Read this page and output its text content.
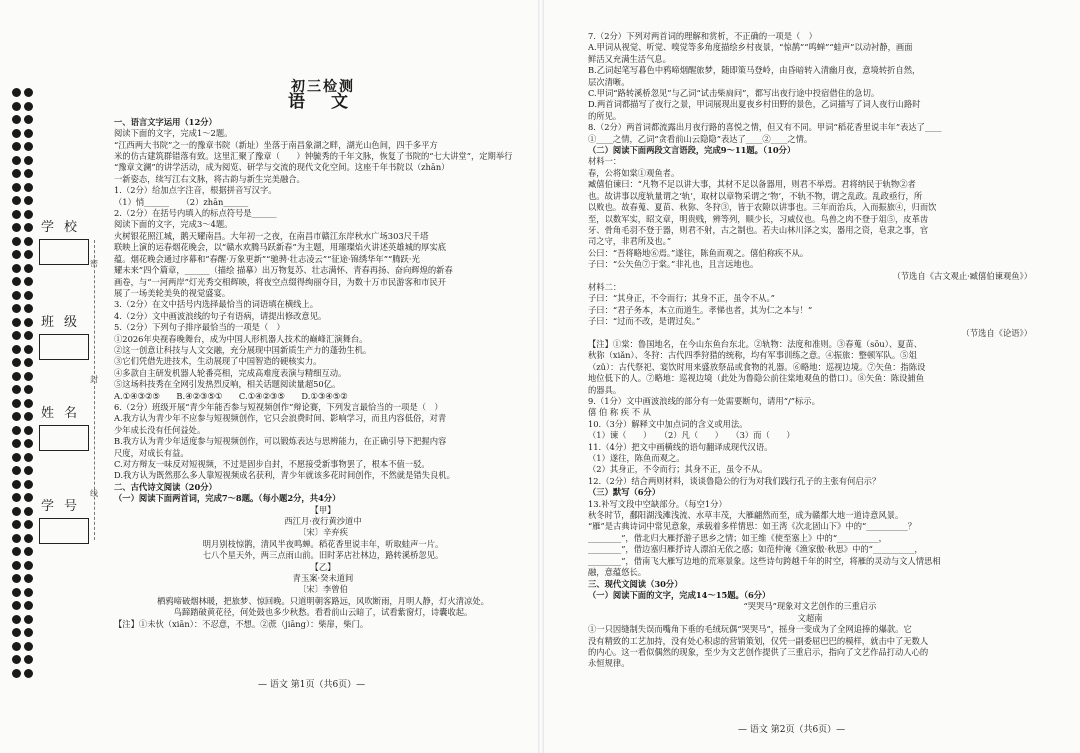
学校
班级
姓名
学号
密
封
线
初三检测
语 文
一、语言文字运用（12分）
阅读下面的文字，完成1～2题。
“江西两大书院”之一的豫章书院（新址）坐落于南昌象湖之畔，湖光山色间，四千多平方
米的仿古建筑群错落有致。这里汇聚了豫章（　　）钟毓秀的千年文脉，恢复了书院的“七大讲堂”，定期举行
“豫章文澜”的讲学活动，成为阅览、研学与交流的现代文化空间。这座千年书院以（zhān）
一新姿态，续写江右文脉，将古韵与新生完美融合。
1.（2分）给加点字注音，根据拼音写汉字。
（1）悄______　　（2）zhān______
2.（2分）在括号内填入的标点符号是______
阅读下面的文字，完成3～4题。
火树银花照江城，鹅天耀南昌。大年初一之夜，在南昌市赣江东岸秋水广场303尺千塔
联映上演的运春烟花晚会，以“赣水欢腾马跃新春”为主题，用璀璨焰火讲述英雄城的厚实底
蕴。烟花晚会通过序幕和“春醒·万象更新”“驰骋·壮志凌云”“征途·锦绣华年”“腾跃·光
耀未来”四个篇章，______（描绘 描摹）出万物复苏、壮志满怀、青春再扬、奋向辉煌的新春
画卷，与“一河两岸”灯光秀交相辉映，将夜空点缀得绚丽夺目，为数十万市民游客和市民开
展了一场美轮美奂的视觉盛宴。
3.（2分）在文中括号内选择最恰当的词语填在横线上。
4.（2分）文中画波浪线的句子有语病，请提出修改意见。
5.（2分）下列句子排序最恰当的一项是（　）
①2026年央视春晚舞台，成为中国人形机器人技术的巅峰汇演舞台。
②这一创意让科技与人文交融，充分展现中国新质生产力的蓬勃生机。
③它们凭借先进技术，生动展现了中国智造的硬核实力。
④多款自主研发机器人轮番亮相，完成高难度表演与精细互动。
⑤这场科技秀在全网引发热烈反响，相关话题阅读量超50亿。
A.①④③②⑤　　B.④②③⑤①　　C.①④②③⑤　　D.①③④⑤②
6.（2分）班级开展“青少年能否参与短视频创作”辩论赛，下列发言最恰当的一项是（　）
A.我方认为青少年不应参与短视频创作，它只会浪费时间、影响学习，而且内容低俗，对青
少年成长没有任何益处。
B.我方认为青少年适度参与短视频创作，可以锻炼表达与思辨能力，在正确引导下把握内容
尺度，对成长有益。
C.对方辩友一味反对短视频，不过是固步自封，不愿接受新事物罢了，根本不值一驳。
D.我方认为既然那么多人靠短视频成名获利，青少年就该多花时间创作，不然就是错失良机。
二、古代诗文阅读（20分）
（一）阅读下面两首词，完成7～8题。（每小题2分，共4分）
【甲】
西江月·夜行黄沙道中
〔宋〕辛弃疾
明月别枝惊鹊，清风半夜鸣蝉。稻花香里说丰年，听取蛙声一片。
七八个星天外，两三点雨山前。旧时茅店社林边，路转溪桥忽见。
【乙】
青玉案·癸未道间
〔宋〕李曾伯
栖鸦啼破烟林暖，把旅梦、惊回晚。只道明朝客路远，风吹断雨，月明人静，灯火清凉处。
鸟蹄踏破黄花径，何处鼓也多少秋愁。看看前山云暗了，试看紫窗灯，诗囊收起。
【注】①未伙（xiān）：不忍意，不想。②蔗（jiāng）：柴扉，柴门。
— 语文 第1页（共6页）—
7.（2分）下列对两首词的理解和赏析，不正确的一项是（　）
A.甲词从视觉、听觉、嗅觉等多角度描绘乡村夜景，“惊鹊”“鸣蝉”“蛙声”以动衬静，画面
鲜活又充满生活气息。
B.乙词起笔写暮色中鸦啼烟醒旅梦，随即策马登岭，由昏暗转入清幽月夜，意境转折自然，
层次清晰。
C.甲词“路转溪桥忽见”与乙词“试击柴扃问”，都写出夜行途中投宿借住的急切。
D.两首词都描写了夜行之景，甲词展现出夏夜乡村田野的景色，乙词描写了词人夜行山路时
的所见。
8.（2分）两首词都流露出月夜行路的喜悦之情，但又有不同。甲词“稻花香里说丰年”表达了____
①____之情，乙词“贪看前山云隐隐”表达了____②____之情。
（二）阅读下面两段文言语段，完成9～11题。（10分）
材料一：
春，公将如棠①观鱼者。
臧僖伯谏曰：“凡物不足以讲大事，其材不足以备器用，则君不举焉。君将纳民于轨物②者
也。故讲事以度轨量谓之‘轨’，取材以章物采谓之‘物’，不轨不物，谓之乱政。乱政亟行，所
以败也。故春蒐、夏苗、秋狝、冬狩③，皆于农隙以讲事也。三年而治兵，入而振旅④，归而饮
至，以数军实，昭文章，明贵贱，辨等列，顺少长，习威仪也。鸟兽之肉不登于俎⑤，皮革齿
牙、骨角毛羽不登于器，则君不射，古之制也。若夫山林川泽之实，器用之资，皂隶之事，官
司之守，非君所及也。”
公曰：“吾将略地⑥焉。”遂往，陈鱼而观之。僖伯称疾不从。
子曰：“公矢鱼⑦于棠。”非礼也，且言远地也。
（节选自《古文观止·臧僖伯谏观鱼》）
材料二：
子曰：“其身正，不令而行；其身不正，虽令不从。”
子曰：“君子务本，本立而道生。孝悌也者，其为仁之本与！”
子曰：“过而不改，是谓过矣。”
（节选自《论语》）
【注】①棠：鲁国地名，在今山东鱼台东北。②轨物：法度和准则。③春蒐（sōu）、夏苗、
秋狝（xiǎn）、冬狩：古代四季狩猎的统称，均有军事训练之意。④振旅：整顿军队。⑤俎
（zǔ）：古代祭祀、宴饮时用来盛放祭品或食物的礼器。⑥略地：巡视边境。⑦矢鱼：指陈设
地位低下的人。⑦略地：巡视边境（此处为鲁隐公前往棠地观鱼的借口）。⑧矢鱼：陈设捕鱼
的器具。
9.（1分）文中画波浪线的部分有一处需要断句，请用“/”标示。
僖 伯 称 疾 不 从
10.（3分）解释文中加点词的含义或用法。
（1）谏（　　）　　（2）凡（　　）　　（3）而（　　）
11.（4分）把文中画横线的语句翻译成现代汉语。
（1）遂往，陈鱼而观之。
（2）其身正，不令而行；其身不正，虽令不从。
12.（2分）结合两则材料，谈谈鲁隐公的行为对我们践行孔子的主张有何启示？
（三）默写（6分）
13.补写文段中空缺部分。（每空1分）
秋冬时节，鄱阳湖浅滩浅流、水草丰茂，大雁翩然而至，成为赣都大地一道诗意风景。
“雁”是古典诗词中常见意象，承载着多样情思：如王湾《次北固山下》中的“__________？
________”，借北归大雁抒游子思乡之情；如王维《使至塞上》中的“__________，
________”，借边塞归雁抒诗人漂泊无依之感；如范仲淹《渔家傲·秋思》中的“__________，
________”，借南飞大雁写边地的荒寒景象。这些诗句跨越千年的时空，将雁的灵动与文人情思相
融，意蕴悠长。
三、现代文阅读（30分）
（一）阅读下面的文字，完成14～15题。（6分）
“哭哭马”现象对文艺创作的三重启示
文超南
①一只因缝制失误而嘴角下垂的毛绒玩偶“哭哭马”，摇身一变成为了全网追捧的爆款。它
没有精致的工艺加持，没有处心积虑的营销策划，仅凭一副委屈巴巴的模样，就击中了无数人
的内心。这一看似偶然的现象，至少为文艺创作提供了三重启示，指向了文艺作品打动人心的
永恒规律。
— 语文 第2页（共6页）—
